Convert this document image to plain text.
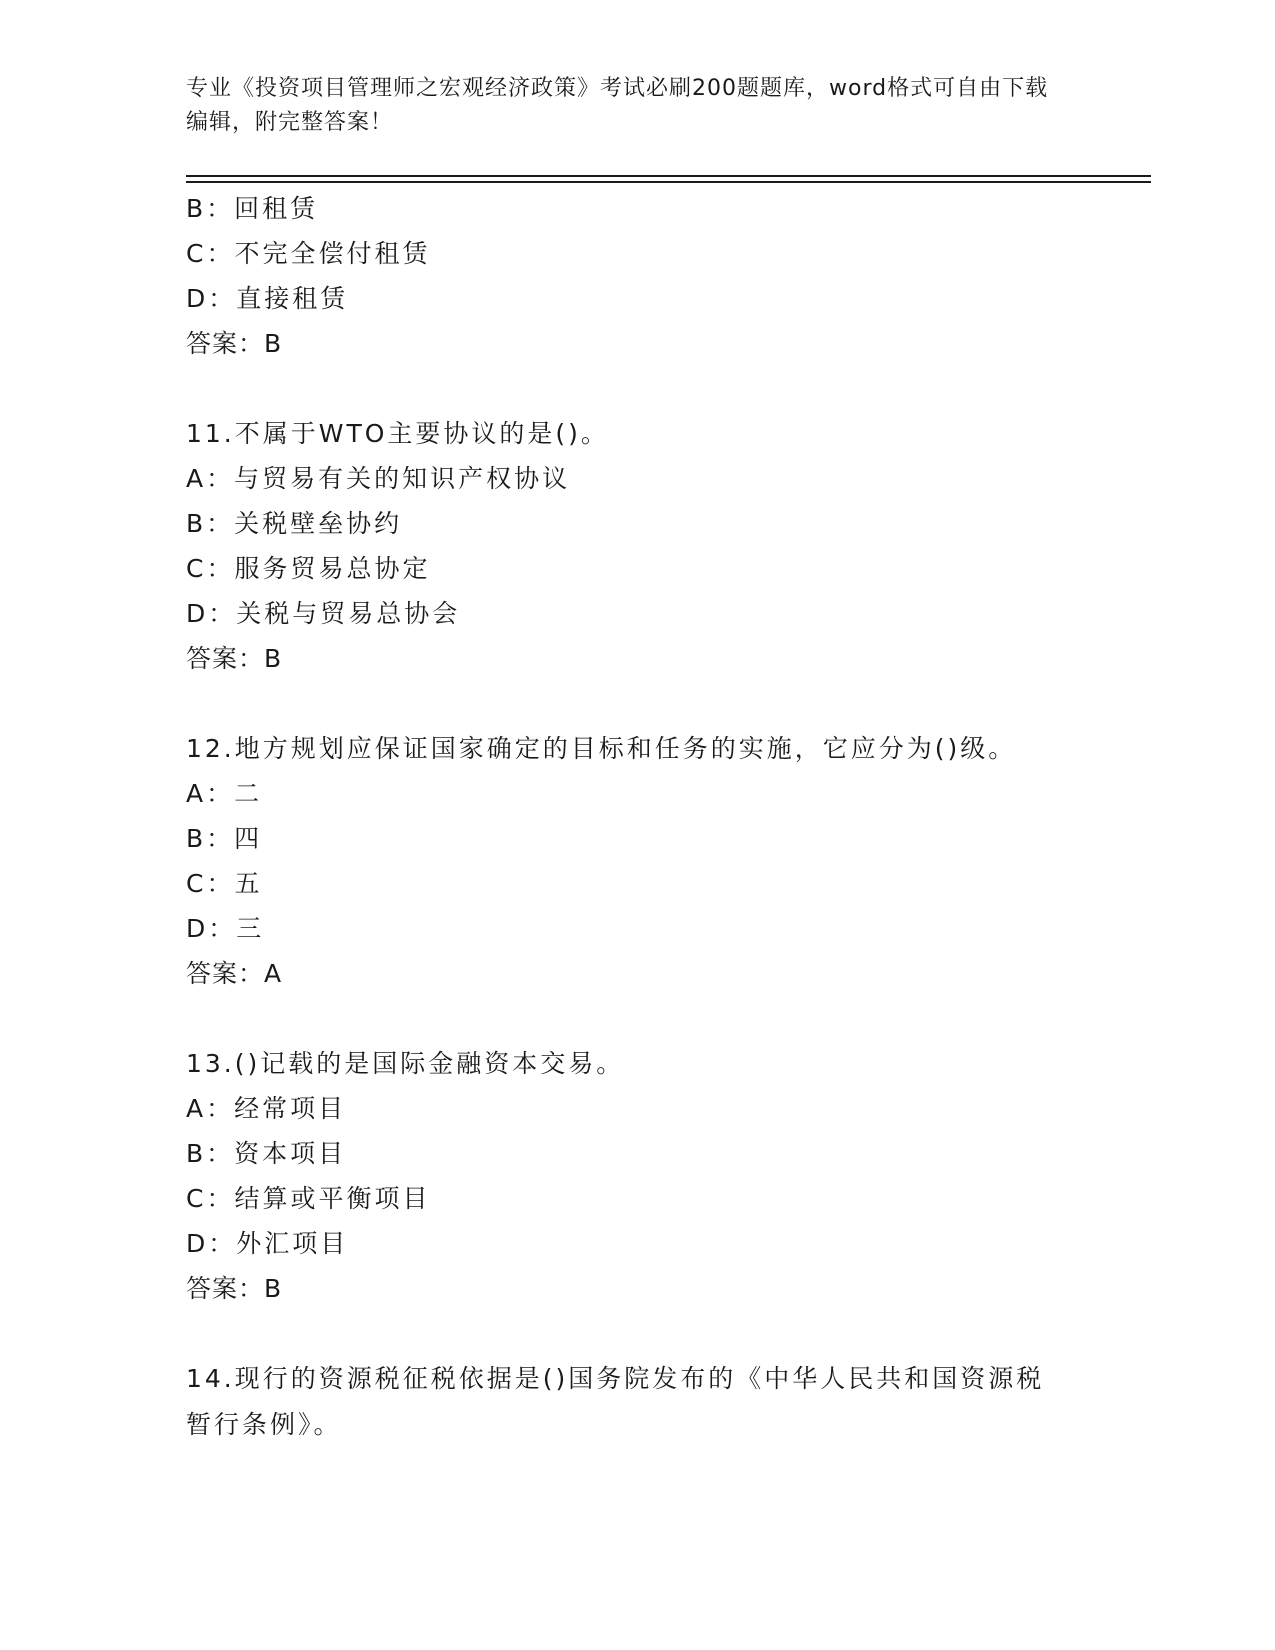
专业《投资项目管理师之宏观经济政策》考试必刷200题题库，word格式可自由下载编辑，附完整答案！
B：回租赁
C：不完全偿付租赁
D：直接租赁
答案：B
11.不属于WTO主要协议的是()。
A：与贸易有关的知识产权协议
B：关税壁垒协约
C：服务贸易总协定
D：关税与贸易总协会
答案：B
12.地方规划应保证国家确定的目标和任务的实施，它应分为()级。
A：二
B：四
C：五
D：三
答案：A
13.()记载的是国际金融资本交易。
A：经常项目
B：资本项目
C：结算或平衡项目
D：外汇项目
答案：B
14.现行的资源税征税依据是()国务院发布的《中华人民共和国资源税暂行条例》。
